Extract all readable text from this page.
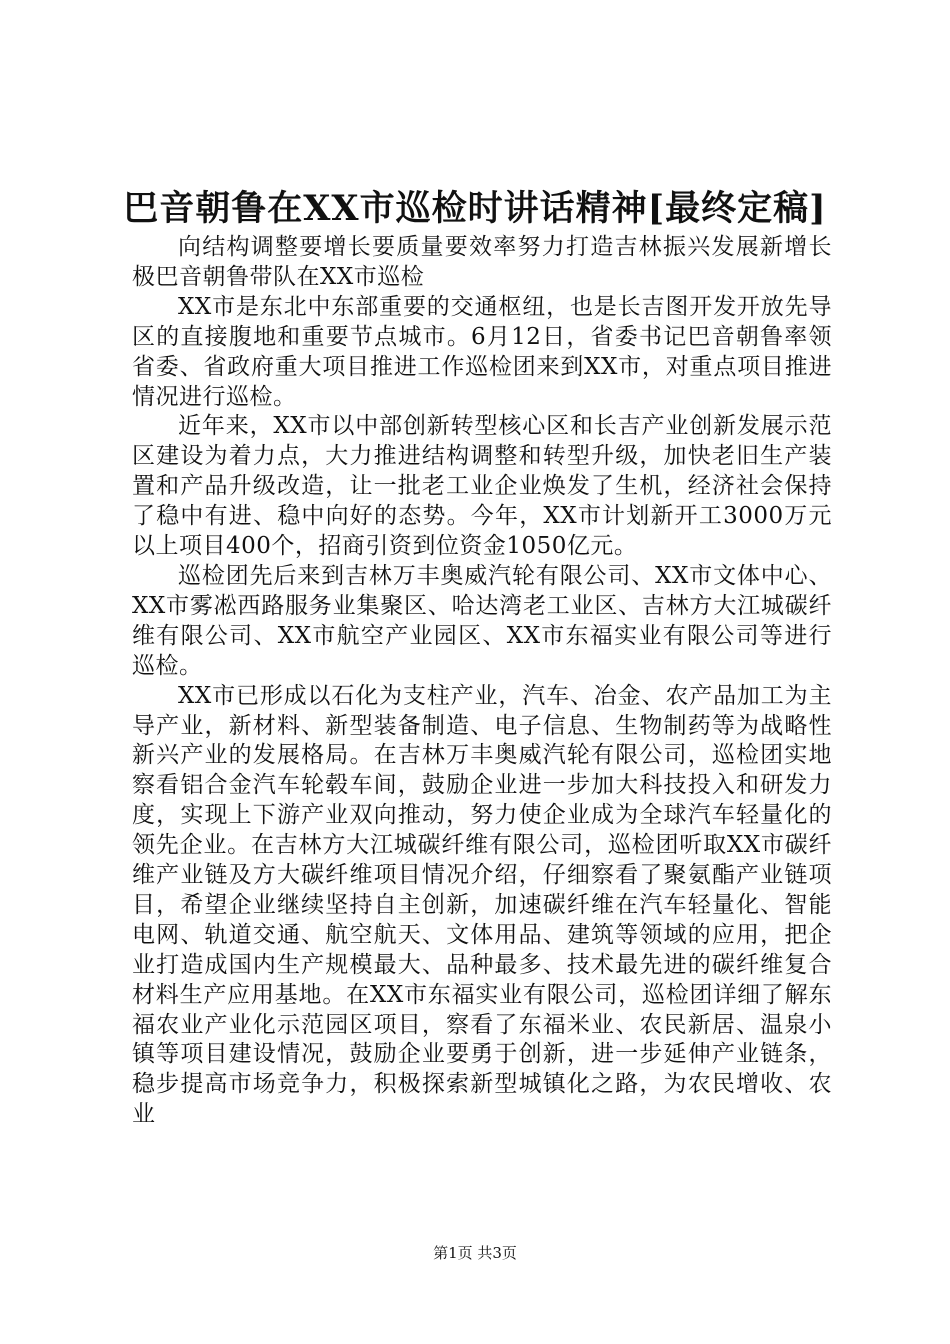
巴音朝鲁在XX市巡检时讲话精神[最终定稿]

向结构调整要增长要质量要效率努力打造吉林振兴发展新增长极巴音朝鲁带队在XX市巡检

XX市是东北中东部重要的交通枢纽，也是长吉图开发开放先导区的直接腹地和重要节点城市。6月12日，省委书记巴音朝鲁率领省委、省政府重大项目推进工作巡检团来到XX市，对重点项目推进情况进行巡检。

近年来，XX市以中部创新转型核心区和长吉产业创新发展示范区建设为着力点，大力推进结构调整和转型升级，加快老旧生产装置和产品升级改造，让一批老工业企业焕发了生机，经济社会保持了稳中有进、稳中向好的态势。今年，XX市计划新开工3000万元以上项目400个，招商引资到位资金1050亿元。

巡检团先后来到吉林万丰奥威汽轮有限公司、XX市文体中心、XX市雾凇西路服务业集聚区、哈达湾老工业区、吉林方大江城碳纤维有限公司、XX市航空产业园区、XX市东福实业有限公司等进行巡检。

XX市已形成以石化为支柱产业，汽车、冶金、农产品加工为主导产业，新材料、新型装备制造、电子信息、生物制药等为战略性新兴产业的发展格局。在吉林万丰奥威汽轮有限公司，巡检团实地察看铝合金汽车轮毂车间，鼓励企业进一步加大科技投入和研发力度，实现上下游产业双向推动，努力使企业成为全球汽车轻量化的领先企业。在吉林方大江城碳纤维有限公司，巡检团听取XX市碳纤维产业链及方大碳纤维项目情况介绍，仔细察看了聚氨酯产业链项目，希望企业继续坚持自主创新，加速碳纤维在汽车轻量化、智能电网、轨道交通、航空航天、文体用品、建筑等领域的应用，把企业打造成国内生产规模最大、品种最多、技术最先进的碳纤维复合材料生产应用基地。在XX市东福实业有限公司，巡检团详细了解东福农业产业化示范园区项目，察看了东福米业、农民新居、温泉小镇等项目建设情况，鼓励企业要勇于创新，进一步延伸产业链条，稳步提高市场竞争力，积极探索新型城镇化之路，为农民增收、农业

第1页 共3页
